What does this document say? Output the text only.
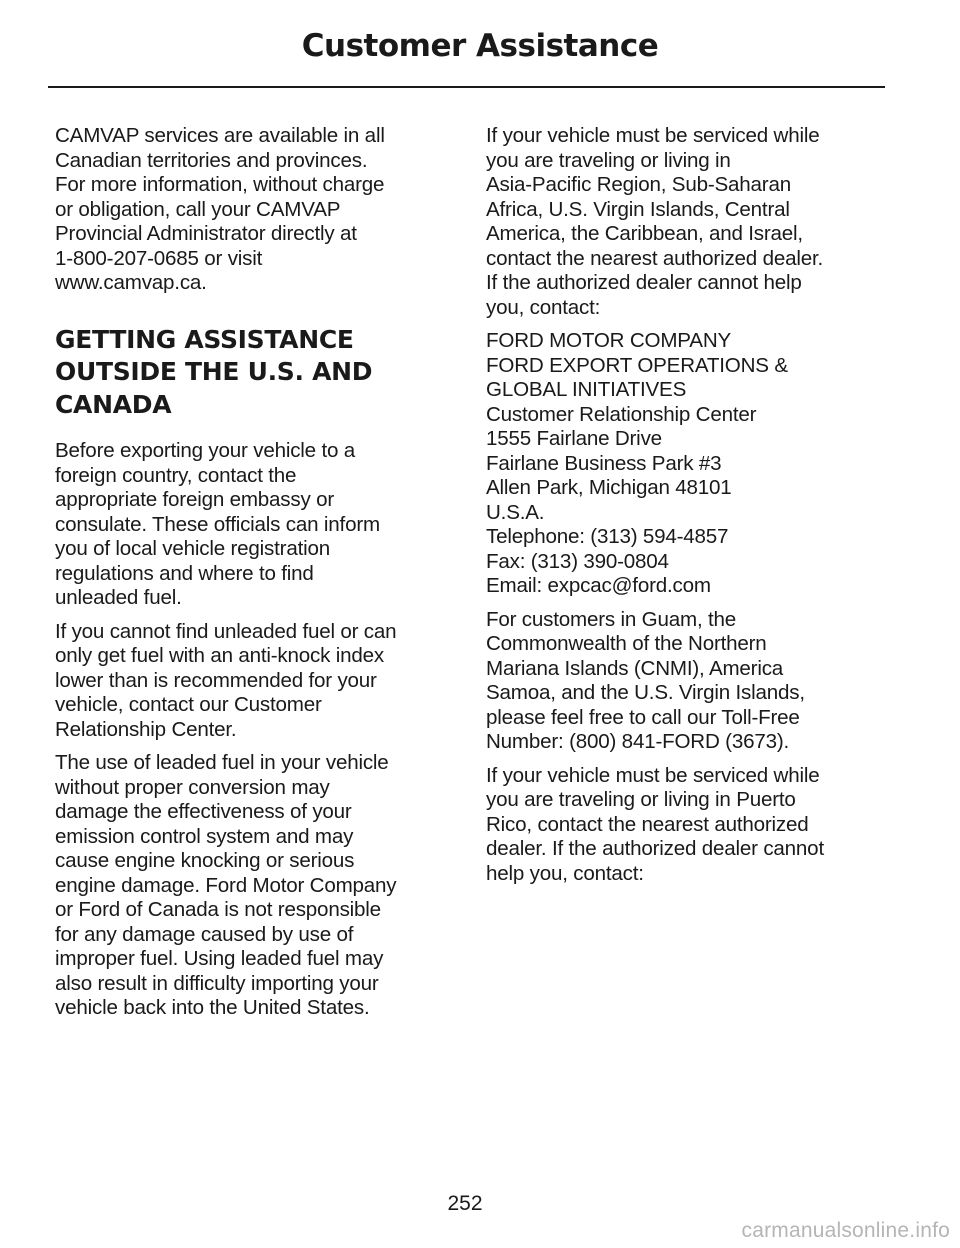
Customer Assistance

CAMVAP services are available in all
Canadian territories and provinces.
For more information, without charge
or obligation, call your CAMVAP
Provincial Administrator directly at
1-800-207-0685 or visit
www.camvap.ca.

GETTING ASSISTANCE
OUTSIDE THE U.S. AND
CANADA

Before exporting your vehicle to a
foreign country, contact the
appropriate foreign embassy or
consulate. These officials can inform
you of local vehicle registration
regulations and where to find
unleaded fuel.

If you cannot find unleaded fuel or can
only get fuel with an anti-knock index
lower than is recommended for your
vehicle, contact our Customer
Relationship Center.

The use of leaded fuel in your vehicle
without proper conversion may
damage the effectiveness of your
emission control system and may
cause engine knocking or serious
engine damage. Ford Motor Company
or Ford of Canada is not responsible
for any damage caused by use of
improper fuel. Using leaded fuel may
also result in difficulty importing your
vehicle back into the United States.

If your vehicle must be serviced while
you are traveling or living in
Asia-Pacific Region, Sub-Saharan
Africa, U.S. Virgin Islands, Central
America, the Caribbean, and Israel,
contact the nearest authorized dealer.
If the authorized dealer cannot help
you, contact:

FORD MOTOR COMPANY
FORD EXPORT OPERATIONS &
GLOBAL INITIATIVES
Customer Relationship Center
1555 Fairlane Drive
Fairlane Business Park #3
Allen Park, Michigan 48101
U.S.A.
Telephone: (313) 594-4857
Fax: (313) 390-0804
Email: expcac@ford.com

For customers in Guam, the
Commonwealth of the Northern
Mariana Islands (CNMI), America
Samoa, and the U.S. Virgin Islands,
please feel free to call our Toll-Free
Number: (800) 841-FORD (3673).

If your vehicle must be serviced while
you are traveling or living in Puerto
Rico, contact the nearest authorized
dealer. If the authorized dealer cannot
help you, contact:

252

carmanualsonline.info
